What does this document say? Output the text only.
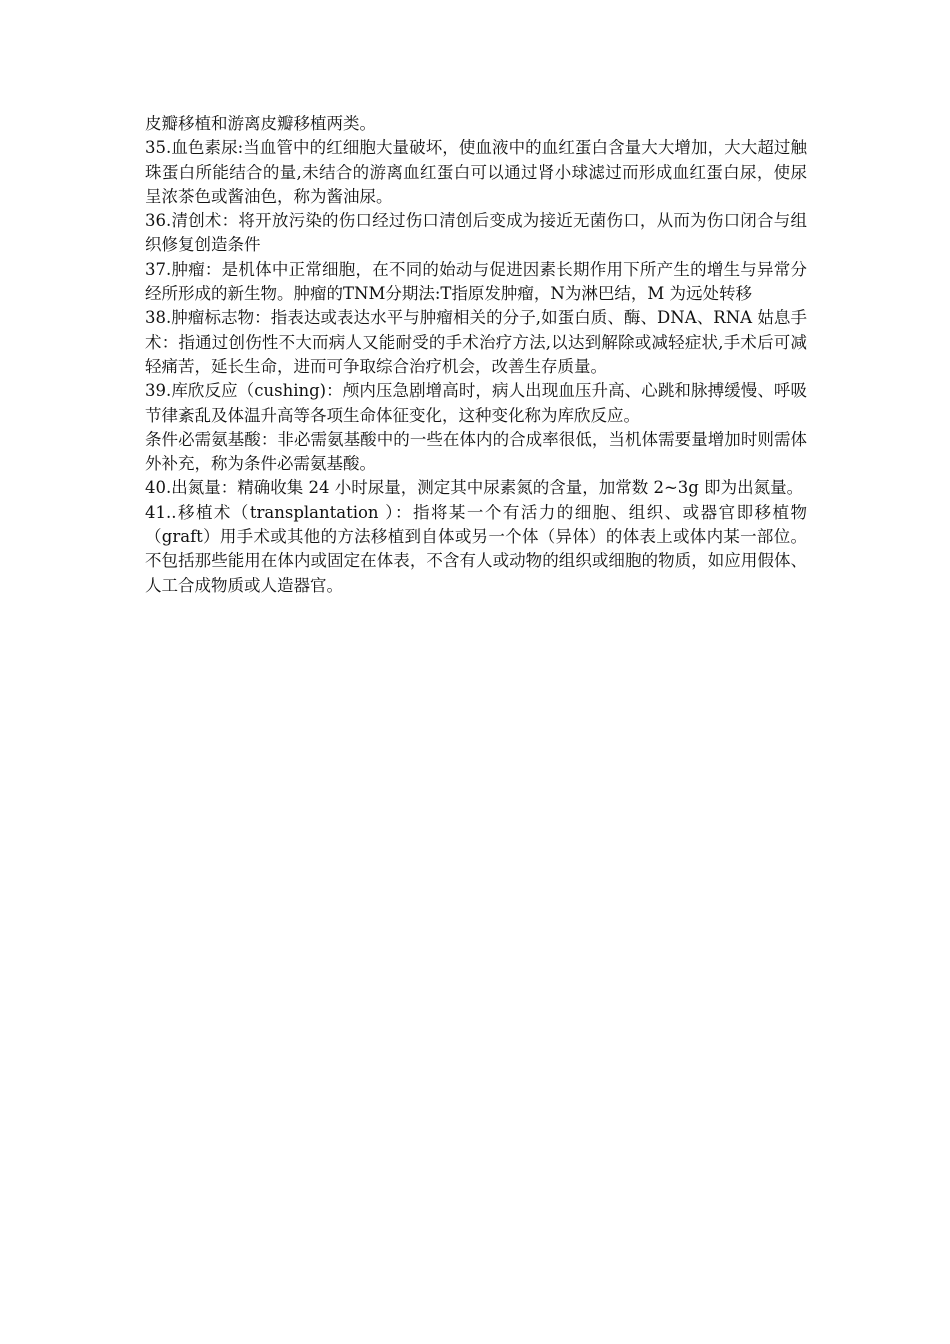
皮瓣移植和游离皮瓣移植两类。

35.血色素尿:当血管中的红细胞大量破坏，使血液中的血红蛋白含量大大增加，大大超过触珠蛋白所能结合的量,未结合的游离血红蛋白可以通过肾小球滤过而形成血红蛋白尿，使尿呈浓茶色或酱油色，称为酱油尿。

36.清创术：将开放污染的伤口经过伤口清创后变成为接近无菌伤口，从而为伤口闭合与组织修复创造条件

37.肿瘤：是机体中正常细胞，在不同的始动与促进因素长期作用下所产生的增生与异常分经所形成的新生物。肿瘤的TNM分期法:T指原发肿瘤，N为淋巴结，M 为远处转移

38.肿瘤标志物：指表达或表达水平与肿瘤相关的分子,如蛋白质、酶、DNA、RNA 姑息手术：指通过创伤性不大而病人又能耐受的手术治疗方法,以达到解除或减轻症状,手术后可减轻痛苦，延长生命，进而可争取综合治疗机会，改善生存质量。

39.库欣反应（cushing)：颅内压急剧增高时，病人出现血压升高、心跳和脉搏缓慢、呼吸节律紊乱及体温升高等各项生命体征变化，这种变化称为库欣反应。

条件必需氨基酸：非必需氨基酸中的一些在体内的合成率很低，当机体需要量增加时则需体外补充，称为条件必需氨基酸。

40.出氮量：精确收集 24 小时尿量，测定其中尿素氮的含量，加常数 2~3g 即为出氮量。

41..移植术（transplantation ）：指将某一个有活力的细胞、组织、或器官即移植物（graft）用手术或其他的方法移植到自体或另一个体（异体）的体表上或体内某一部位。不包括那些能用在体内或固定在体表，不含有人或动物的组织或细胞的物质，如应用假体、人工合成物质或人造器官。
